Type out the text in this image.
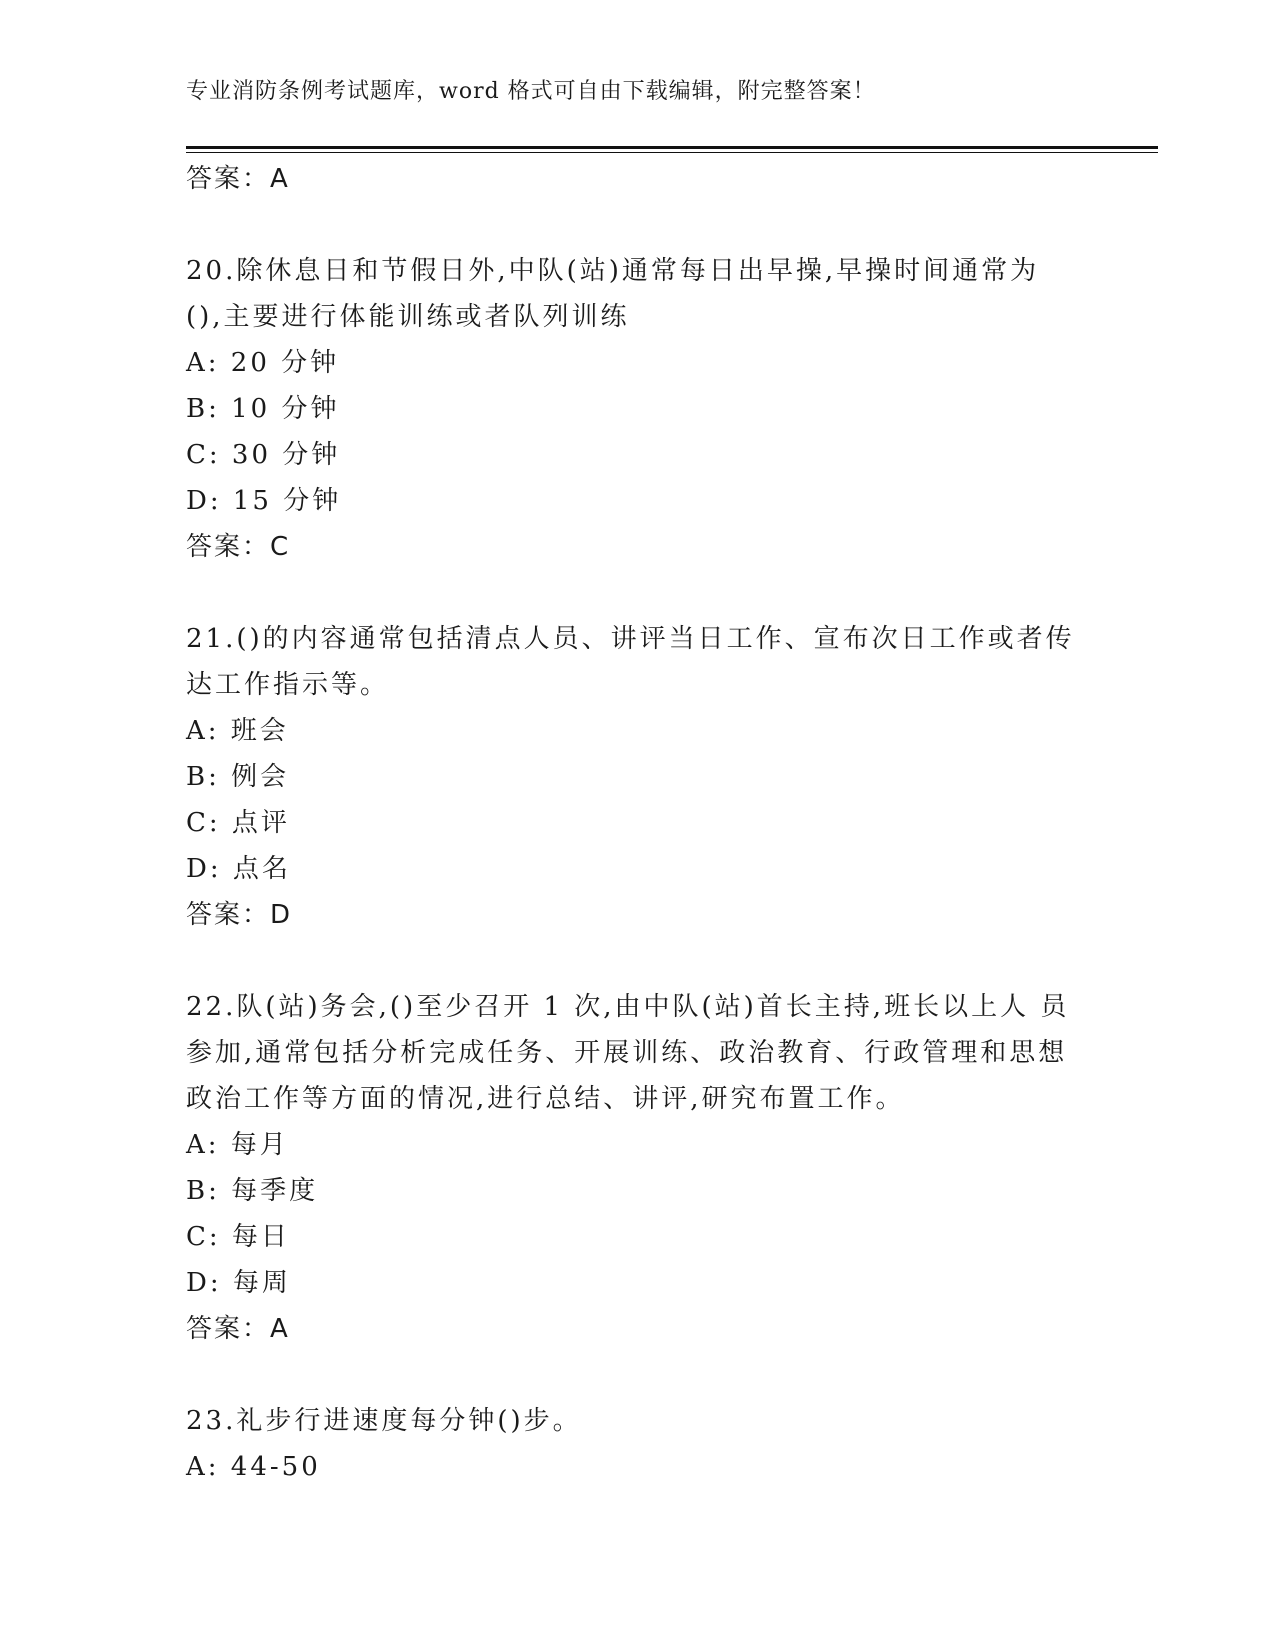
专业消防条例考试题库，word 格式可自由下载编辑，附完整答案！

答案：A

20.除休息日和节假日外,中队(站)通常每日出早操,早操时间通常为

(),主要进行体能训练或者队列训练

A: 20 分钟

B: 10 分钟

C: 30 分钟

D: 15 分钟

答案：C

21.()的内容通常包括清点人员、讲评当日工作、宣布次日工作或者传

达工作指示等。

A: 班会

B: 例会

C: 点评

D: 点名

答案：D

22.队(站)务会,()至少召开 1 次,由中队(站)首长主持,班长以上人 员

参加,通常包括分析完成任务、开展训练、政治教育、行政管理和思想

政治工作等方面的情况,进行总结、讲评,研究布置工作。

A: 每月

B: 每季度

C: 每日

D: 每周

答案：A

23.礼步行进速度每分钟()步。

A: 44-50
